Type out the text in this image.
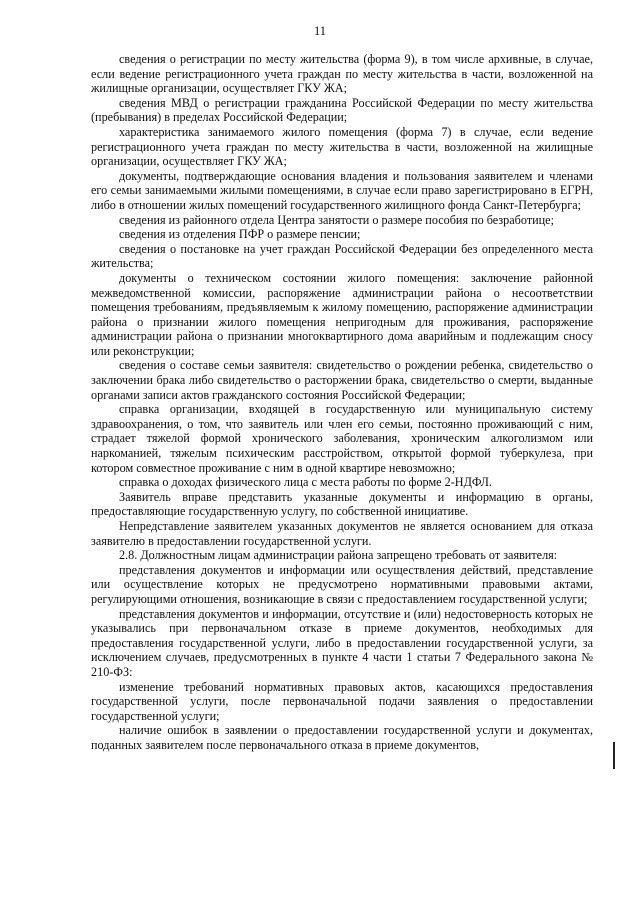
11

сведения о регистрации по месту жительства (форма 9), в том числе архивные, в случае, если ведение регистрационного учета граждан по месту жительства в части, возложенной на жилищные организации, осуществляет ГКУ ЖА;

сведения МВД о регистрации гражданина Российской Федерации по месту жительства (пребывания) в пределах Российской Федерации;

характеристика занимаемого жилого помещения (форма 7) в случае, если ведение регистрационного учета граждан по месту жительства в части, возложенной на жилищные организации, осуществляет ГКУ ЖА;

документы, подтверждающие основания владения и пользования заявителем и членами его семьи занимаемыми жилыми помещениями, в случае если право зарегистрировано в ЕГРН, либо в отношении жилых помещений государственного жилищного фонда Санкт-Петербурга;

сведения из районного отдела Центра занятости о размере пособия по безработице;

сведения из отделения ПФР о размере пенсии;

сведения о постановке на учет граждан Российской Федерации без определенного места жительства;

документы о техническом состоянии жилого помещения: заключение районной межведомственной комиссии, распоряжение администрации района о несоответствии помещения требованиям, предъявляемым к жилому помещению, распоряжение администрации района о признании жилого помещения непригодным для проживания, распоряжение администрации района о признании многоквартирного дома аварийным и подлежащим сносу или реконструкции;

сведения о составе семьи заявителя: свидетельство о рождении ребенка, свидетельство о заключении брака либо свидетельство о расторжении брака, свидетельство о смерти, выданные органами записи актов гражданского состояния Российской Федерации;

справка организации, входящей в государственную или муниципальную систему здравоохранения, о том, что заявитель или член его семьи, постоянно проживающий с ним, страдает тяжелой формой хронического заболевания, хроническим алкоголизмом или наркоманией, тяжелым психическим расстройством, открытой формой туберкулеза, при котором совместное проживание с ним в одной квартире невозможно;

справка о доходах физического лица с места работы по форме 2-НДФЛ.

Заявитель вправе представить указанные документы и информацию в органы, предоставляющие государственную услугу, по собственной инициативе.

Непредставление заявителем указанных документов не является основанием для отказа заявителю в предоставлении государственной услуги.

2.8. Должностным лицам администрации района запрещено требовать от заявителя:

представления документов и информации или осуществления действий, представление или осуществление которых не предусмотрено нормативными правовыми актами, регулирующими отношения, возникающие в связи с предоставлением государственной услуги;

представления документов и информации, отсутствие и (или) недостоверность которых не указывались при первоначальном отказе в приеме документов, необходимых для предоставления государственной услуги, либо в предоставлении государственной услуги, за исключением случаев, предусмотренных в пункте 4 части 1 статьи 7 Федерального закона № 210-ФЗ:

изменение требований нормативных правовых актов, касающихся предоставления государственной услуги, после первоначальной подачи заявления о предоставлении государственной услуги;

наличие ошибок в заявлении о предоставлении государственной услуги и документах, поданных заявителем после первоначального отказа в приеме документов,
